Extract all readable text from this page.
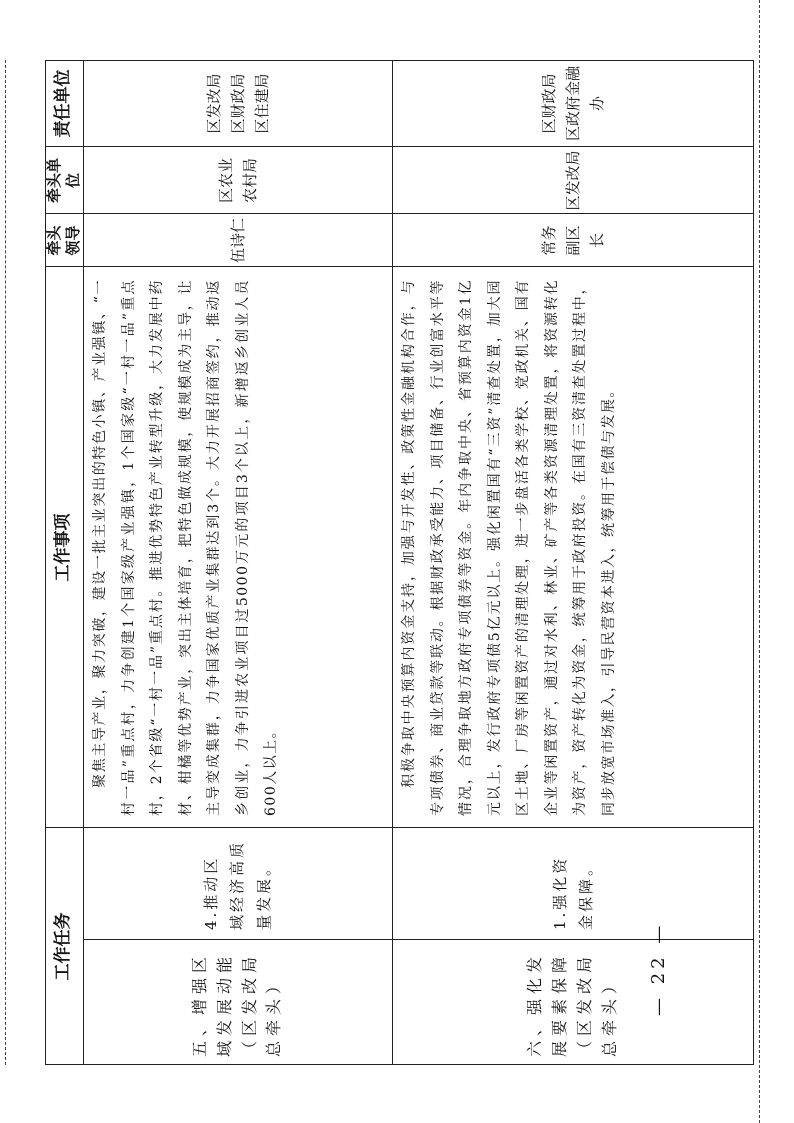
工作任务
工作事项
牵头领导
牵头单位
责任单位
五、增强区域发展动能（区发改局总牵头）
4.推动区域经济高质量发展。
聚焦主导产业，聚力突破，建设一批主业突出的特色小镇、产业强镇、“一村一品”重点村，力争创建1个国家级产业强镇，1个国家级“一村一品”重点村，2个省级“一村一品”重点村。推进优势特色产业转型升级，大力发展中药材、柑橘等优势产业，突出主体培育，把特色做成规模，使规模成为主导，让主导变成集群，力争国家优质产业集群达到3个。大力开展招商签约，推动返乡创业，力争引进农业项目过5000万元的项目3个以上，新增返乡创业人员600人以上。
伍诗仁
区农业农村局
区发改局 区财政局 区住建局
六、强化发展要素保障（区发改局总牵头）
1.强化资金保障。
积极争取中央预算内资金支持，加强与开发性、政策性金融机构合作，与专项债券、商业贷款等联动。根据财政承受能力、项目储备、行业创富水平等情况，合理争取地方政府专项债券等资金。年内争取中央、省预算内资金1亿元以上，发行政府专项债5亿元以上。强化闲置国有“三资”清查处置，加大园区土地、厂房等闲置资产的清理处理，进一步盘活各类学校、党政机关、国有企业等闲置资产，通过对水利、林业、矿产等各类资源清理处置，将资源转化为资产，资产转化为资金，统筹用于政府投资。在国有三资清查处置过程中，同步放宽市场准入，引导民营资本进入，统筹用于偿债与发展。
常务副区长
区发改局
区财政局 区政府金融办
— 22 —
